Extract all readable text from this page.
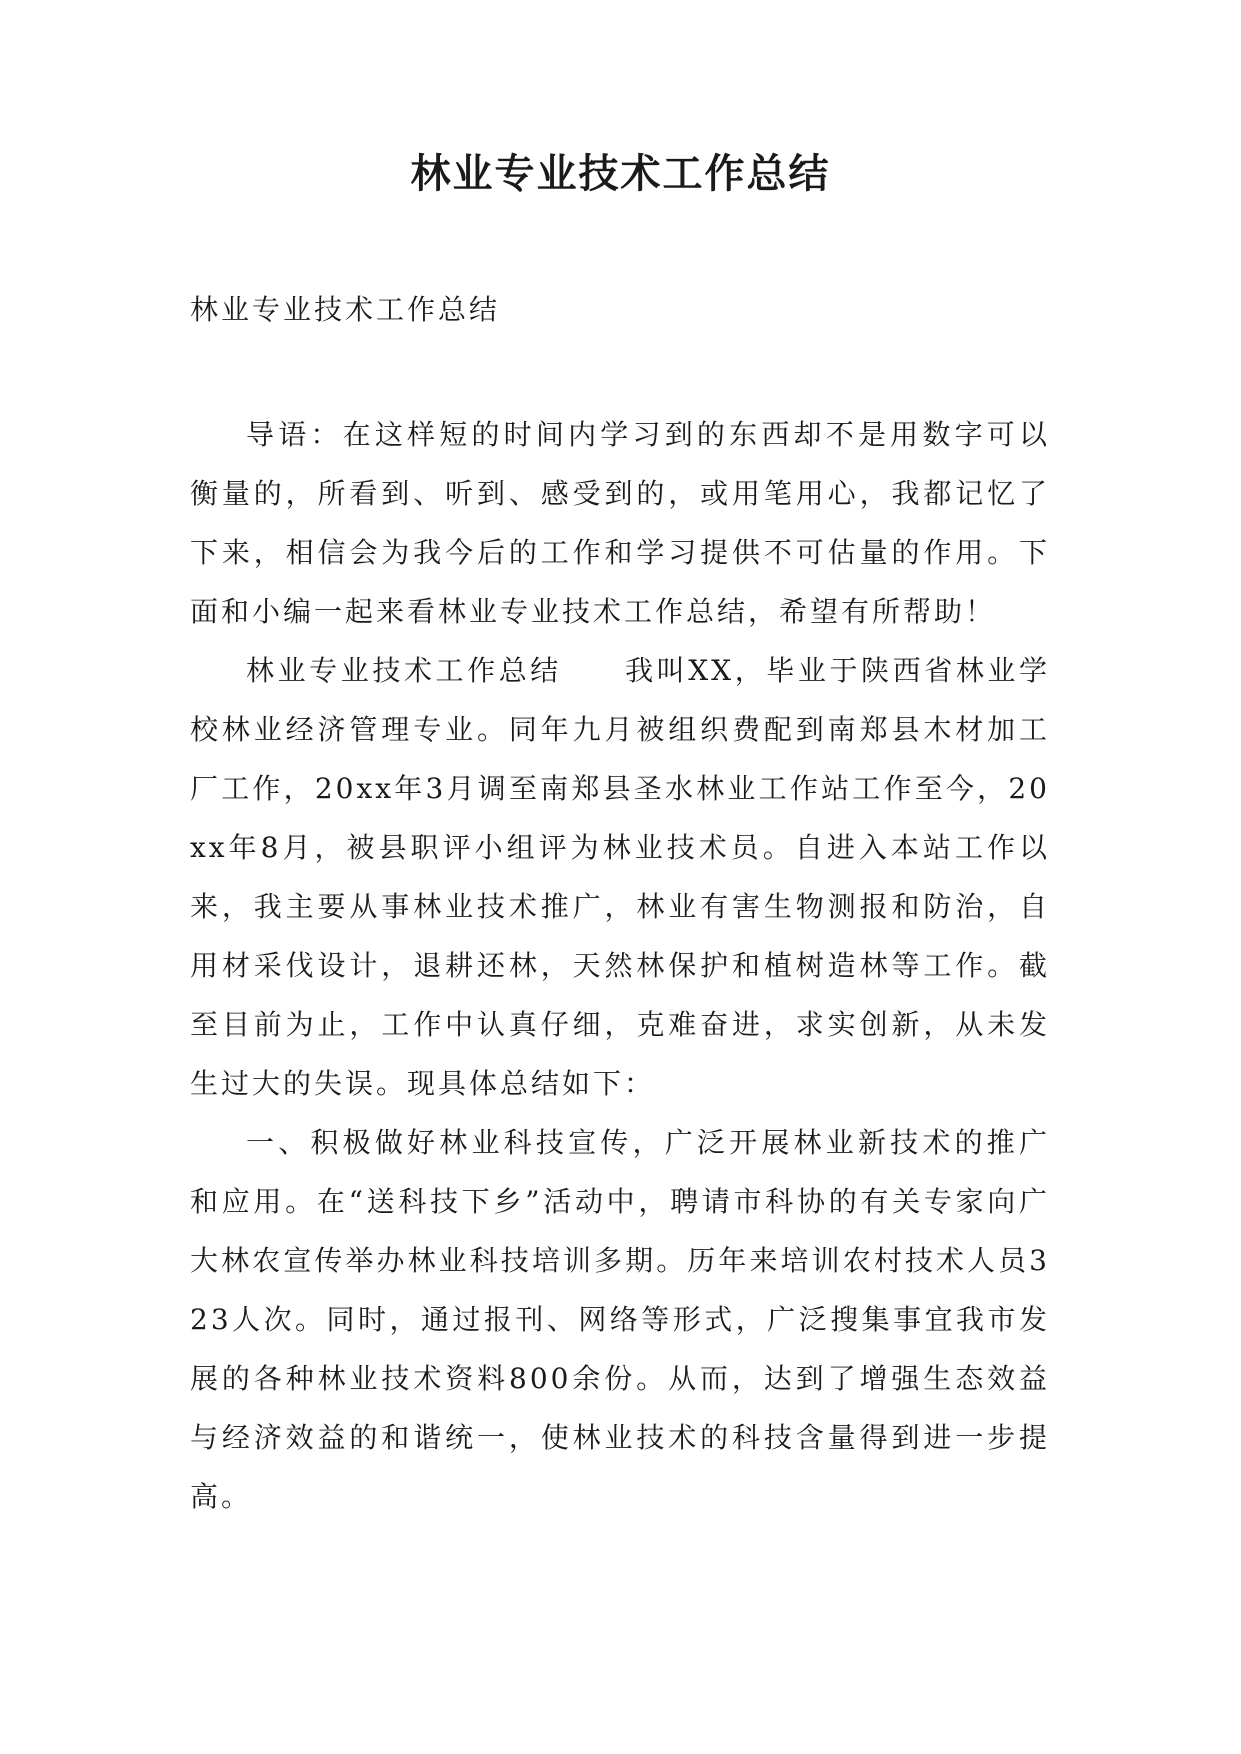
林业专业技术工作总结

林业专业技术工作总结

导语：在这样短的时间内学习到的东西却不是用数字可以衡量的，所看到、听到、感受到的，或用笔用心，我都记忆了下来，相信会为我今后的工作和学习提供不可估量的作用。下面和小编一起来看林业专业技术工作总结，希望有所帮助！

林业专业技术工作总结　　我叫XX，毕业于陕西省林业学校林业经济管理专业。同年九月被组织费配到南郑县木材加工厂工作，20xx年3月调至南郑县圣水林业工作站工作至今，20xx年8月，被县职评小组评为林业技术员。自进入本站工作以来，我主要从事林业技术推广，林业有害生物测报和防治，自用材采伐设计，退耕还林，天然林保护和植树造林等工作。截至目前为止，工作中认真仔细，克难奋进，求实创新，从未发生过大的失误。现具体总结如下：

一、积极做好林业科技宣传，广泛开展林业新技术的推广和应用。在“送科技下乡”活动中，聘请市科协的有关专家向广大林农宣传举办林业科技培训多期。历年来培训农村技术人员323人次。同时，通过报刊、网络等形式，广泛搜集事宜我市发展的各种林业技术资料800余份。从而，达到了增强生态效益与经济效益的和谐统一，使林业技术的科技含量得到进一步提高。
